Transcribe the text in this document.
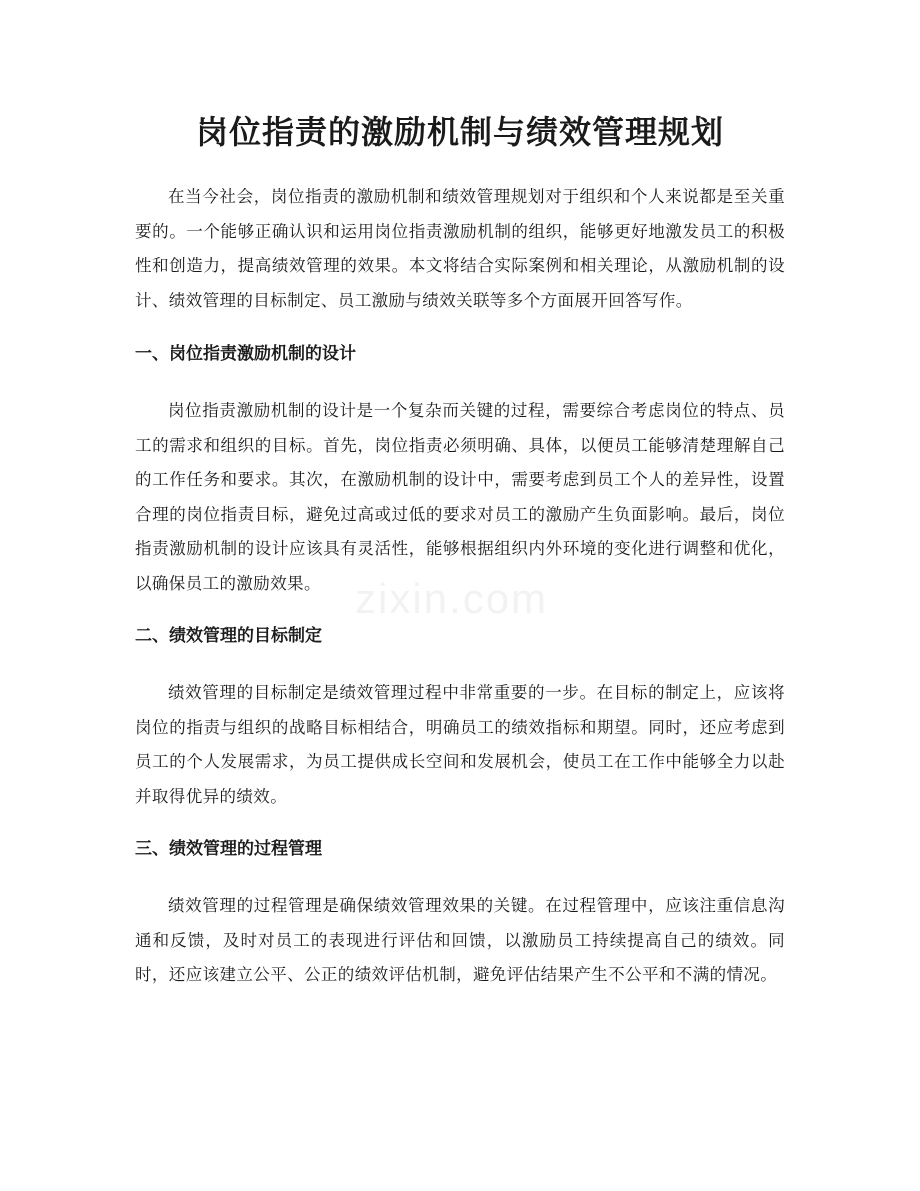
zixin.com
岗位指责的激励机制与绩效管理规划

在当今社会，岗位指责的激励机制和绩效管理规划对于组织和个人来说都是至关重要的。一个能够正确认识和运用岗位指责激励机制的组织，能够更好地激发员工的积极性和创造力，提高绩效管理的效果。本文将结合实际案例和相关理论，从激励机制的设计、绩效管理的目标制定、员工激励与绩效关联等多个方面展开回答写作。

一、岗位指责激励机制的设计

岗位指责激励机制的设计是一个复杂而关键的过程，需要综合考虑岗位的特点、员工的需求和组织的目标。首先，岗位指责必须明确、具体，以便员工能够清楚理解自己的工作任务和要求。其次，在激励机制的设计中，需要考虑到员工个人的差异性，设置合理的岗位指责目标，避免过高或过低的要求对员工的激励产生负面影响。最后，岗位指责激励机制的设计应该具有灵活性，能够根据组织内外环境的变化进行调整和优化，以确保员工的激励效果。

二、绩效管理的目标制定

绩效管理的目标制定是绩效管理过程中非常重要的一步。在目标的制定上，应该将岗位的指责与组织的战略目标相结合，明确员工的绩效指标和期望。同时，还应考虑到员工的个人发展需求，为员工提供成长空间和发展机会，使员工在工作中能够全力以赴并取得优异的绩效。

三、绩效管理的过程管理

绩效管理的过程管理是确保绩效管理效果的关键。在过程管理中，应该注重信息沟通和反馈，及时对员工的表现进行评估和回馈，以激励员工持续提高自己的绩效。同时，还应该建立公平、公正的绩效评估机制，避免评估结果产生不公平和不满的情况。
